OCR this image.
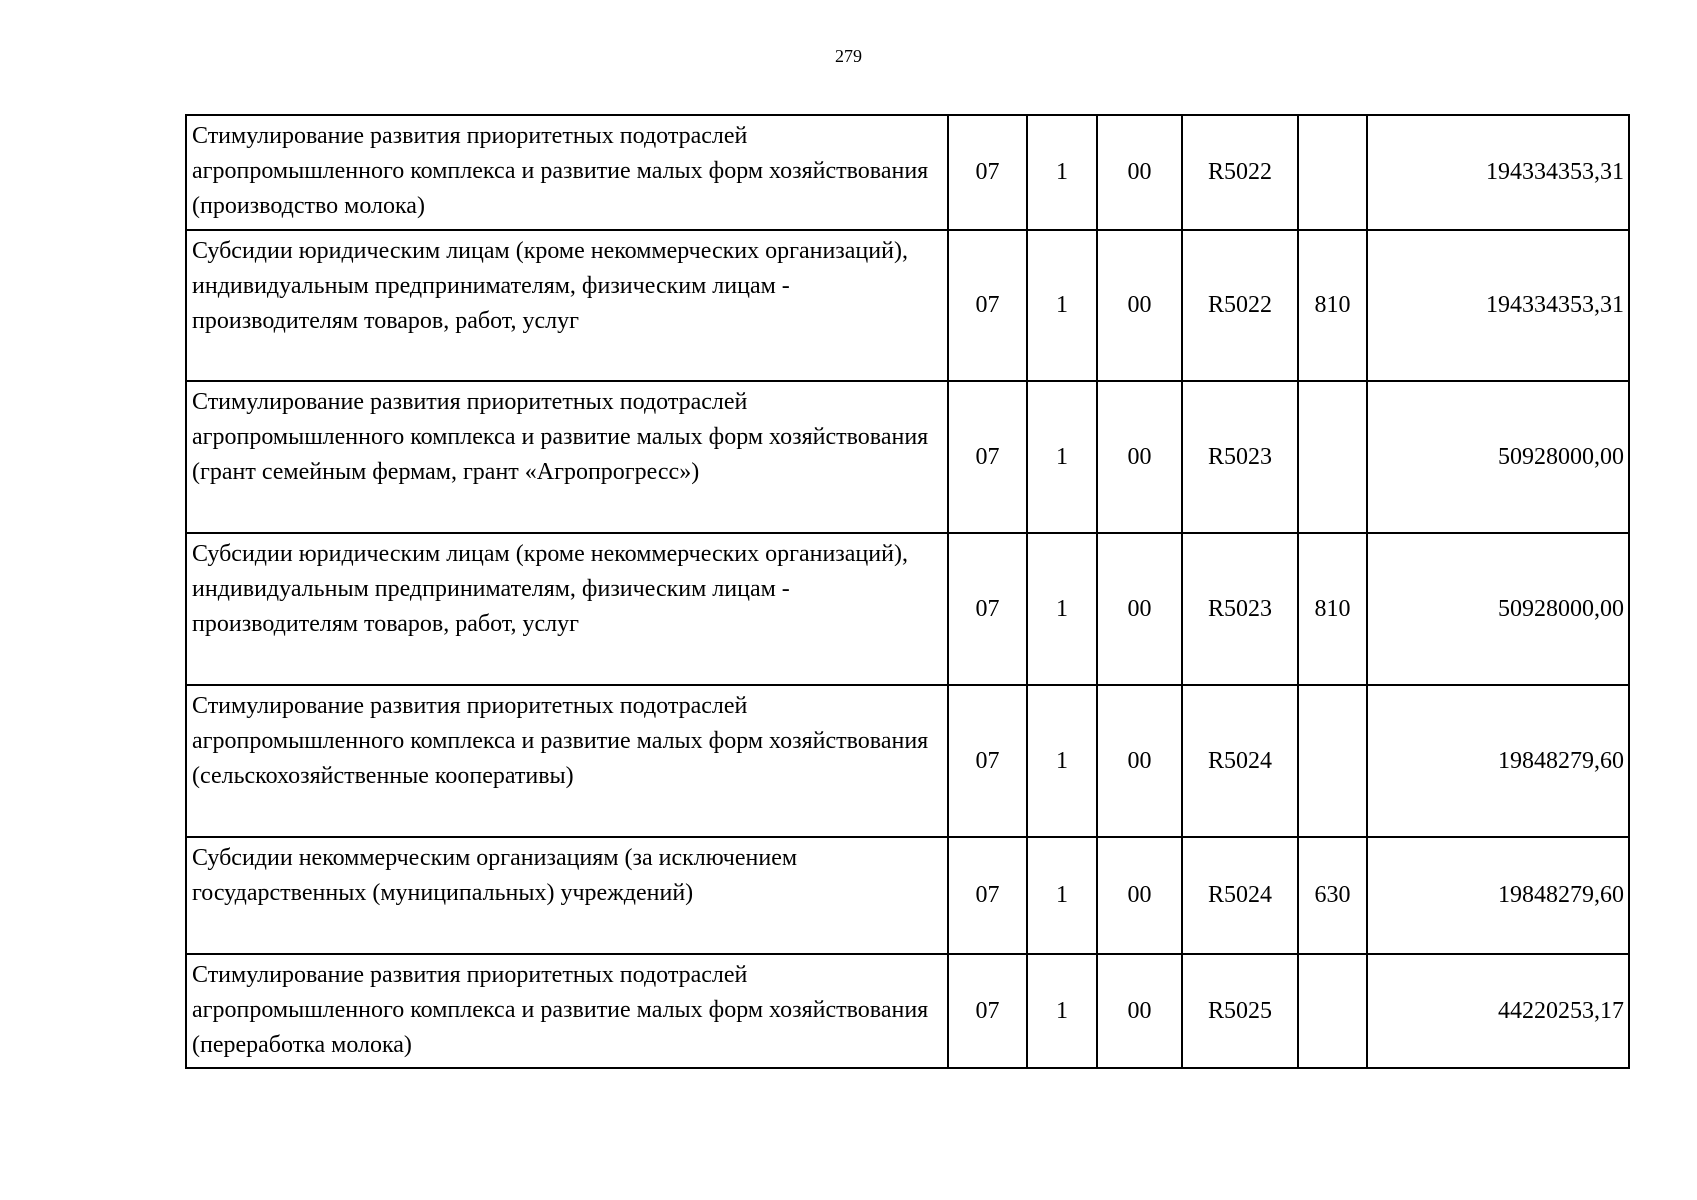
279
Стимулирование развития приоритетных подотраслей агропромышленного комплекса и развитие малых форм хозяйствования (производство молока)	07	1	00	R5022		194334353,31
Субсидии юридическим лицам (кроме некоммерческих организаций), индивидуальным предпринимателям, физическим лицам - производителям товаров, работ, услуг	07	1	00	R5022	810	194334353,31
Стимулирование развития приоритетных подотраслей агропромышленного комплекса и развитие малых форм хозяйствования (грант семейным фермам, грант «Агропрогресс»)	07	1	00	R5023		50928000,00
Субсидии юридическим лицам (кроме некоммерческих организаций), индивидуальным предпринимателям, физическим лицам - производителям товаров, работ, услуг	07	1	00	R5023	810	50928000,00
Стимулирование развития приоритетных подотраслей агропромышленного комплекса и развитие малых форм хозяйствования (сельскохозяйственные кооперативы)	07	1	00	R5024		19848279,60
Субсидии некоммерческим организациям (за исключением государственных (муниципальных) учреждений)	07	1	00	R5024	630	19848279,60
Стимулирование развития приоритетных подотраслей агропромышленного комплекса и развитие малых форм хозяйствования (переработка молока)	07	1	00	R5025		44220253,17
